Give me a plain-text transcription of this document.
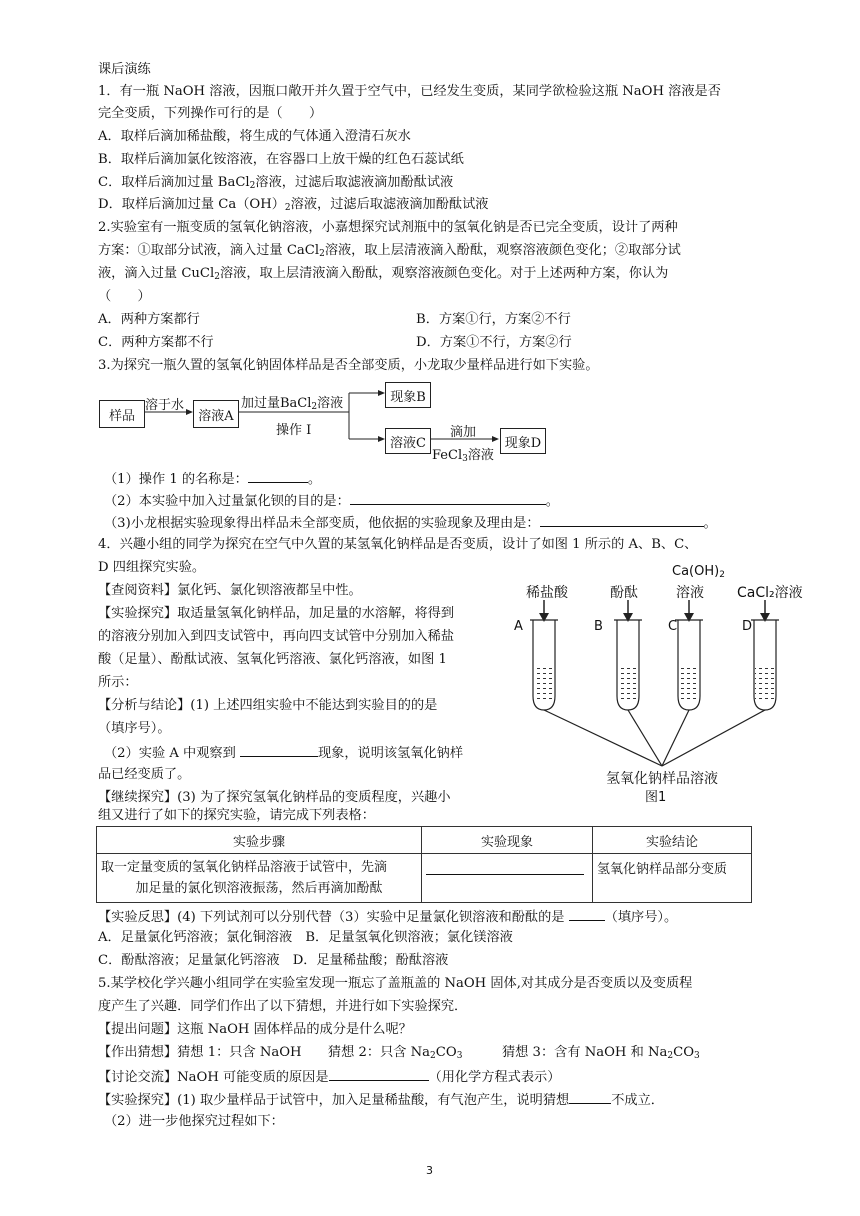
课后演练
1．有一瓶 NaOH 溶液，因瓶口敞开并久置于空气中，已经发生变质，某同学欲检验这瓶 NaOH 溶液是否
完全变质，下列操作可行的是（　　）
A．取样后滴加稀盐酸，将生成的气体通入澄清石灰水
B．取样后滴加氯化铵溶液，在容器口上放干燥的红色石蕊试纸
C．取样后滴加过量 BaCl$_2$溶液，过滤后取滤液滴加酚酞试液
D．取样后滴加过量 $Ca(OH)_2$溶液，过滤后取滤液滴加酚酞试液
2.实验室有一瓶变质的氢氧化钠溶液，小嘉想探究试剂瓶中的氢氧化钠是否已完全变质，设计了两种
方案：①取部分试液，滴入过量 CaCl$_2$溶液，取上层清液滴入酚酞，观察溶液颜色变化；②取部分试
液，滴入过量 CuCl$_2$溶液，取上层清液滴入酚酞，观察溶液颜色变化。对于上述两种方案，你认为
（　　）
A．两种方案都行	B．方案①行，方案②不行
C．两种方案都不行	D．方案①不行，方案②行
3.为探究一瓶久置的氢氧化钠固体样品是否全部变质，小龙取少量样品进行如下实验。
样品
溶于水
溶液A
加过量BaCl$_2$溶液
操作 I
现象B
溶液C
滴加
FeCl$_3$溶液
现象D
（1）操作 1 的名称是：	。
（2）本实验中加入过量氯化钡的目的是：	。
（3)小龙根据实验现象得出样品未全部变质，他依据的实验现象及理由是：	。
4．兴趣小组的同学为探究在空气中久置的某氢氧化钠样品是否变质，设计了如图 1 所示的 A、B、C、
D 四组探究实验。
【查阅资料】氯化钙、氯化钡溶液都呈中性。
【实验探究】取适量氢氧化钠样品，加足量的水溶解，将得到
的溶液分别加入到四支试管中，再向四支试管中分别加入稀盐
酸（足量）、酚酞试液、氢氧化钙溶液、氯化钙溶液，如图 1
所示：
【分析与结论】(1) 上述四组实验中不能达到实验目的的是
（填序号）。
（2）实验 A 中观察到	现象，说明该氢氧化钠样
品已经变质了。
【继续探究】(3) 为了探究氢氧化钠样品的变质程度，兴趣小
组又进行了如下的探究实验，请完成下列表格：
稀盐酸	酚酞
$Ca(OH)_2$
溶液 CaCl₂溶液
A	B	C	D
氢氧化钠样品溶液
图1
实验步骤	实验现象	实验结论

取一定量变质的氢氧化钠样品溶液于试管中，先滴
加足量的氯化钡溶液振荡，然后再滴加酚酞		氢氧化钠样品部分变质
【实验反思】(4) 下列试剂可以分别代替（3）实验中足量氯化钡溶液和酚酞的是	（填序号）。
A．足量氯化钙溶液；氯化铜溶液　 B．足量氢氧化钡溶液；氯化镁溶液
C．酚酞溶液；足量氯化钙溶液　 D．足量稀盐酸；酚酞溶液
5.某学校化学兴趣小组同学在实验室发现一瓶忘了盖瓶盖的 NaOH 固体,对其成分是否变质以及变质程
度产生了兴趣．同学们作出了以下猜想，并进行如下实验探究．
【提出问题】这瓶 NaOH 固体样品的成分是什么呢？
【作出猜想】猜想 1：只含 NaOH　　猜想 2：只含 $Na_2CO_3$　　　猜想 3：含有 NaOH 和 $Na_2CO_3$
【讨论交流】NaOH 可能变质的原因是	（用化学方程式表示）
【实验探究】(1) 取少量样品于试管中，加入足量稀盐酸，有气泡产生，说明猜想	不成立．
（2）进一步他探究过程如下：
3
